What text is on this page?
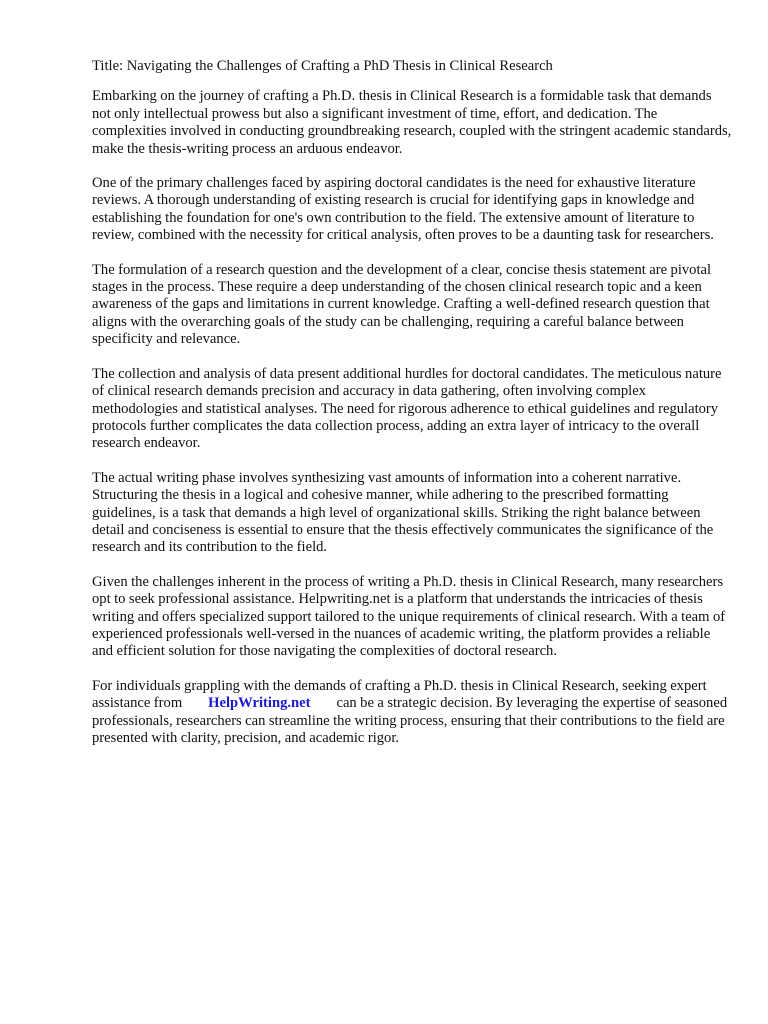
Title: Navigating the Challenges of Crafting a PhD Thesis in Clinical Research

Embarking on the journey of crafting a Ph.D. thesis in Clinical Research is a formidable task that demands not only intellectual prowess but also a significant investment of time, effort, and dedication. The complexities involved in conducting groundbreaking research, coupled with the stringent academic standards, make the thesis-writing process an arduous endeavor.

One of the primary challenges faced by aspiring doctoral candidates is the need for exhaustive literature reviews. A thorough understanding of existing research is crucial for identifying gaps in knowledge and establishing the foundation for one's own contribution to the field. The extensive amount of literature to review, combined with the necessity for critical analysis, often proves to be a daunting task for researchers.

The formulation of a research question and the development of a clear, concise thesis statement are pivotal stages in the process. These require a deep understanding of the chosen clinical research topic and a keen awareness of the gaps and limitations in current knowledge. Crafting a well-defined research question that aligns with the overarching goals of the study can be challenging, requiring a careful balance between specificity and relevance.

The collection and analysis of data present additional hurdles for doctoral candidates. The meticulous nature of clinical research demands precision and accuracy in data gathering, often involving complex methodologies and statistical analyses. The need for rigorous adherence to ethical guidelines and regulatory protocols further complicates the data collection process, adding an extra layer of intricacy to the overall research endeavor.

The actual writing phase involves synthesizing vast amounts of information into a coherent narrative. Structuring the thesis in a logical and cohesive manner, while adhering to the prescribed formatting guidelines, is a task that demands a high level of organizational skills. Striking the right balance between detail and conciseness is essential to ensure that the thesis effectively communicates the significance of the research and its contribution to the field.

Given the challenges inherent in the process of writing a Ph.D. thesis in Clinical Research, many researchers opt to seek professional assistance. Helpwriting.net is a platform that understands the intricacies of thesis writing and offers specialized support tailored to the unique requirements of clinical research. With a team of experienced professionals well-versed in the nuances of academic writing, the platform provides a reliable and efficient solution for those navigating the complexities of doctoral research.

For individuals grappling with the demands of crafting a Ph.D. thesis in Clinical Research, seeking expert assistance from HelpWriting.net can be a strategic decision. By leveraging the expertise of seasoned professionals, researchers can streamline the writing process, ensuring that their contributions to the field are presented with clarity, precision, and academic rigor.
